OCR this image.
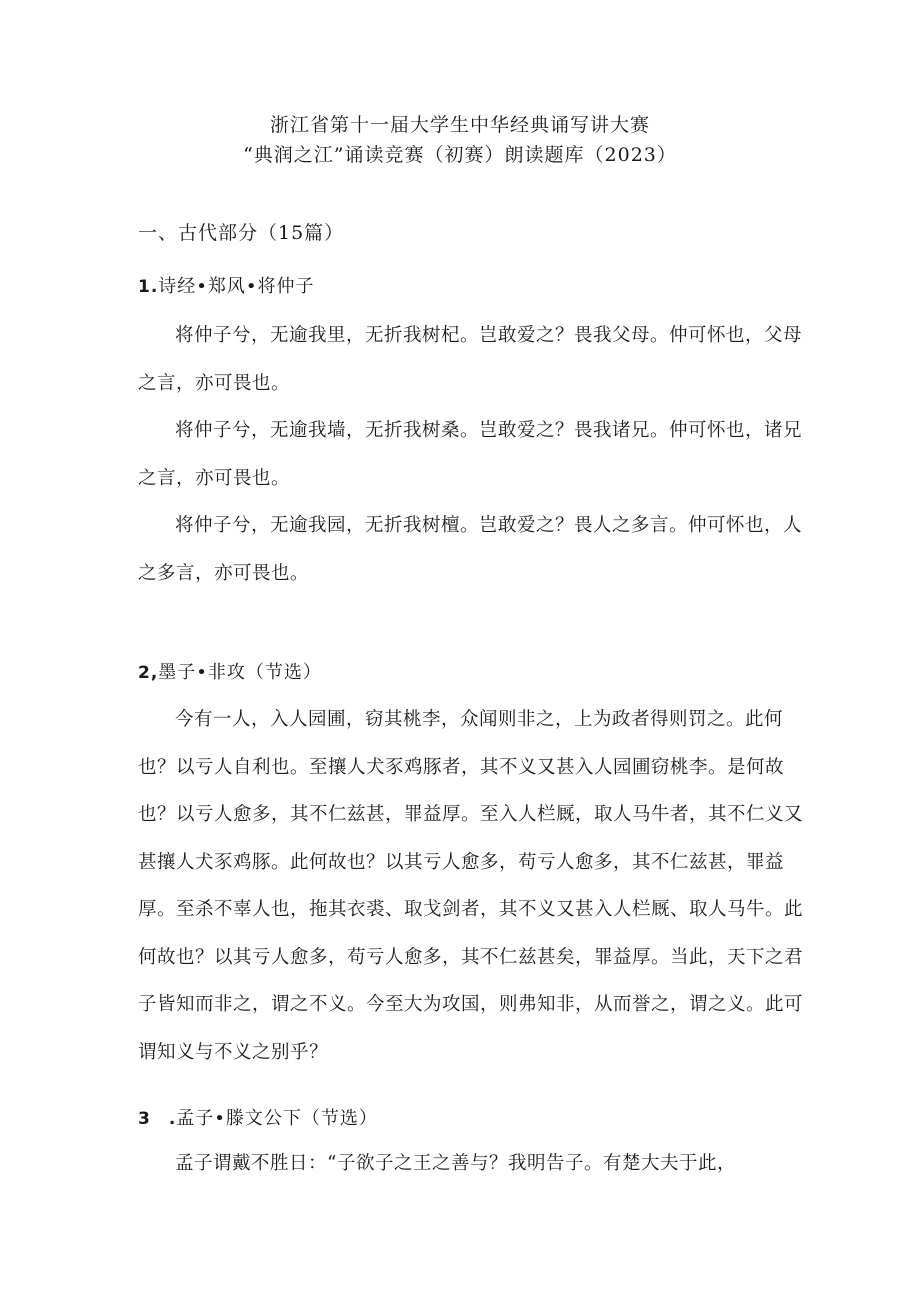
浙江省第十一届大学生中华经典诵写讲大赛
“典润之江”诵读竞赛（初赛）朗读题库（2023）
一、古代部分（15篇）
1.诗经•郑风•将仲子
将仲子兮，无逾我里，无折我树杞。岂敢爱之？畏我父母。仲可怀也，父母之言，亦可畏也。
将仲子兮，无逾我墙，无折我树桑。岂敢爱之？畏我诸兄。仲可怀也，诸兄之言，亦可畏也。
将仲子兮，无逾我园，无折我树檀。岂敢爱之？畏人之多言。仲可怀也，人之多言，亦可畏也。
2,墨子•非攻（节选）
今有一人，入人园圃，窃其桃李，众闻则非之，上为政者得则罚之。此何也？以亏人自利也。至攘人犬豕鸡豚者，其不义又甚入人园圃窃桃李。是何故也？以亏人愈多，其不仁兹甚，罪益厚。至入人栏厩，取人马牛者，其不仁义又甚攘人犬豕鸡豚。此何故也？以其亏人愈多，苟亏人愈多，其不仁兹甚，罪益厚。至杀不辜人也，拖其衣裘、取戈剑者，其不义又甚入人栏厩、取人马牛。此何故也？以其亏人愈多，苟亏人愈多，其不仁兹甚矣，罪益厚。当此，天下之君子皆知而非之，谓之不义。今至大为攻国，则弗知非，从而誉之，谓之义。此可谓知义与不义之别乎？
3　.孟子•滕文公下（节选）
孟子谓戴不胜日：“子欲子之王之善与？我明告子。有楚大夫于此，
